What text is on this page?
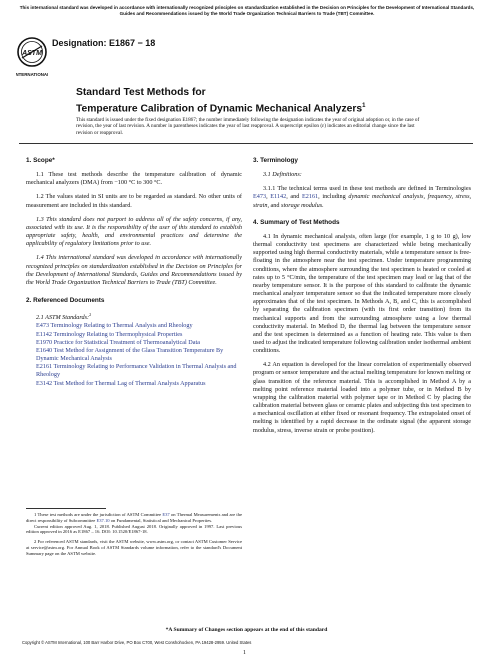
This international standard was developed in accordance with internationally recognized principles on standardization established in the Decision on Principles for the Development of International Standards, Guides and Recommendations issued by the World Trade Organization Technical Barriers to Trade (TBT) Committee.
ASTM
INTERNATIONAL
Designation: E1867 − 18
Standard Test Methods for
Temperature Calibration of Dynamic Mechanical Analyzers$^1$
This standard is issued under the fixed designation E1867; the number immediately following the designation indicates the year of original adoption or, in the case of revision, the year of last revision. A number in parentheses indicates the year of last reapproval. A superscript epsilon (ε) indicates an editorial change since the last revision or reapproval.
1. Scope*

1.1 These test methods describe the temperature calibration of dynamic mechanical analyzers (DMA) from −100 °C to 300 °C.

1.2 The values stated in SI units are to be regarded as standard. No other units of measurement are included in this standard.

1.3 This standard does not purport to address all of the safety concerns, if any, associated with its use. It is the responsibility of the user of this standard to establish appropriate safety, health, and environmental practices and determine the applicability of regulatory limitations prior to use.

1.4 This international standard was developed in accordance with internationally recognized principles on standardization established in the Decision on Principles for the Development of International Standards, Guides and Recommendations issued by the World Trade Organization Technical Barriers to Trade (TBT) Committee.

2. Referenced Documents

2.1 ASTM Standards:$^2$

E473 Terminology Relating to Thermal Analysis and Rheology
E1142 Terminology Relating to Thermophysical Properties
E1970 Practice for Statistical Treatment of Thermoanalytical Data
E1640 Test Method for Assignment of the Glass Transition Temperature By Dynamic Mechanical Analysis
E2161 Terminology Relating to Performance Validation in Thermal Analysis and Rheology
E3142 Test Method for Thermal Lag of Thermal Analysis Apparatus

1 These test methods are under the jurisdiction of ASTM Committee E37 on Thermal Measurements and are the direct responsibility of Subcommittee E37.10 on Fundamental, Statistical and Mechanical Properties.

Current edition approved Aug. 1, 2018. Published August 2018. Originally approved in 1997. Last previous edition approved in 2016 as E1867 – 16. DOI: 10.1520/E1867-18.

2 For referenced ASTM standards, visit the ASTM website, www.astm.org, or contact ASTM Customer Service at service@astm.org. For Annual Book of ASTM Standards volume information, refer to the standard's Document Summary page on the ASTM website.

3. Terminology

3.1 Definitions:

3.1.1 The technical terms used in these test methods are defined in Terminologies E473, E1142, and E2161, including dynamic mechanical analysis, frequency, stress, strain, and storage modulus.

4. Summary of Test Methods

4.1 In dynamic mechanical analysis, often large (for example, 1 g to 10 g), low thermal conductivity test specimens are characterized while being mechanically supported using high thermal conductivity materials, while a temperature sensor is free-floating in the atmosphere near the test specimen. Under temperature programming conditions, where the atmosphere surrounding the test specimen is heated or cooled at rates up to 5 °C/min, the temperature of the test specimen may lead or lag that of the nearby temperature sensor. It is the purpose of this standard to calibrate the dynamic mechanical analyzer temperature sensor so that the indicated temperature more closely approximates that of the test specimen. In Methods A, B, and C, this is accomplished by separating the calibration specimen (with its first order transition) from its mechanical supports and from the surrounding atmosphere using a low thermal conductivity material. In Method D, the thermal lag between the temperature sensor and the test specimen is determined as a function of heating rate. This value is then used to adjust the indicated temperature following calibration under isothermal ambient conditions.

4.2 An equation is developed for the linear correlation of experimentally observed program or sensor temperature and the actual melting temperature for known melting or glass transition of the reference material. This is accomplished in Method A by a melting point reference material loaded into a polymer tube, or in Method B by wrapping the calibration material with polymer tape or in Method C by placing the calibration material between glass or ceramic plates and subjecting this test specimen to a mechanical oscillation at either fixed or resonant frequency. The extrapolated onset of melting is identified by a rapid decrease in the ordinate signal (the apparent storage modulus, stress, inverse strain or probe position).

*A Summary of Changes section appears at the end of this standard
Copyright © ASTM International, 100 Barr Harbor Drive, PO Box C700, West Conshohocken, PA 19428-2959. United States
1
